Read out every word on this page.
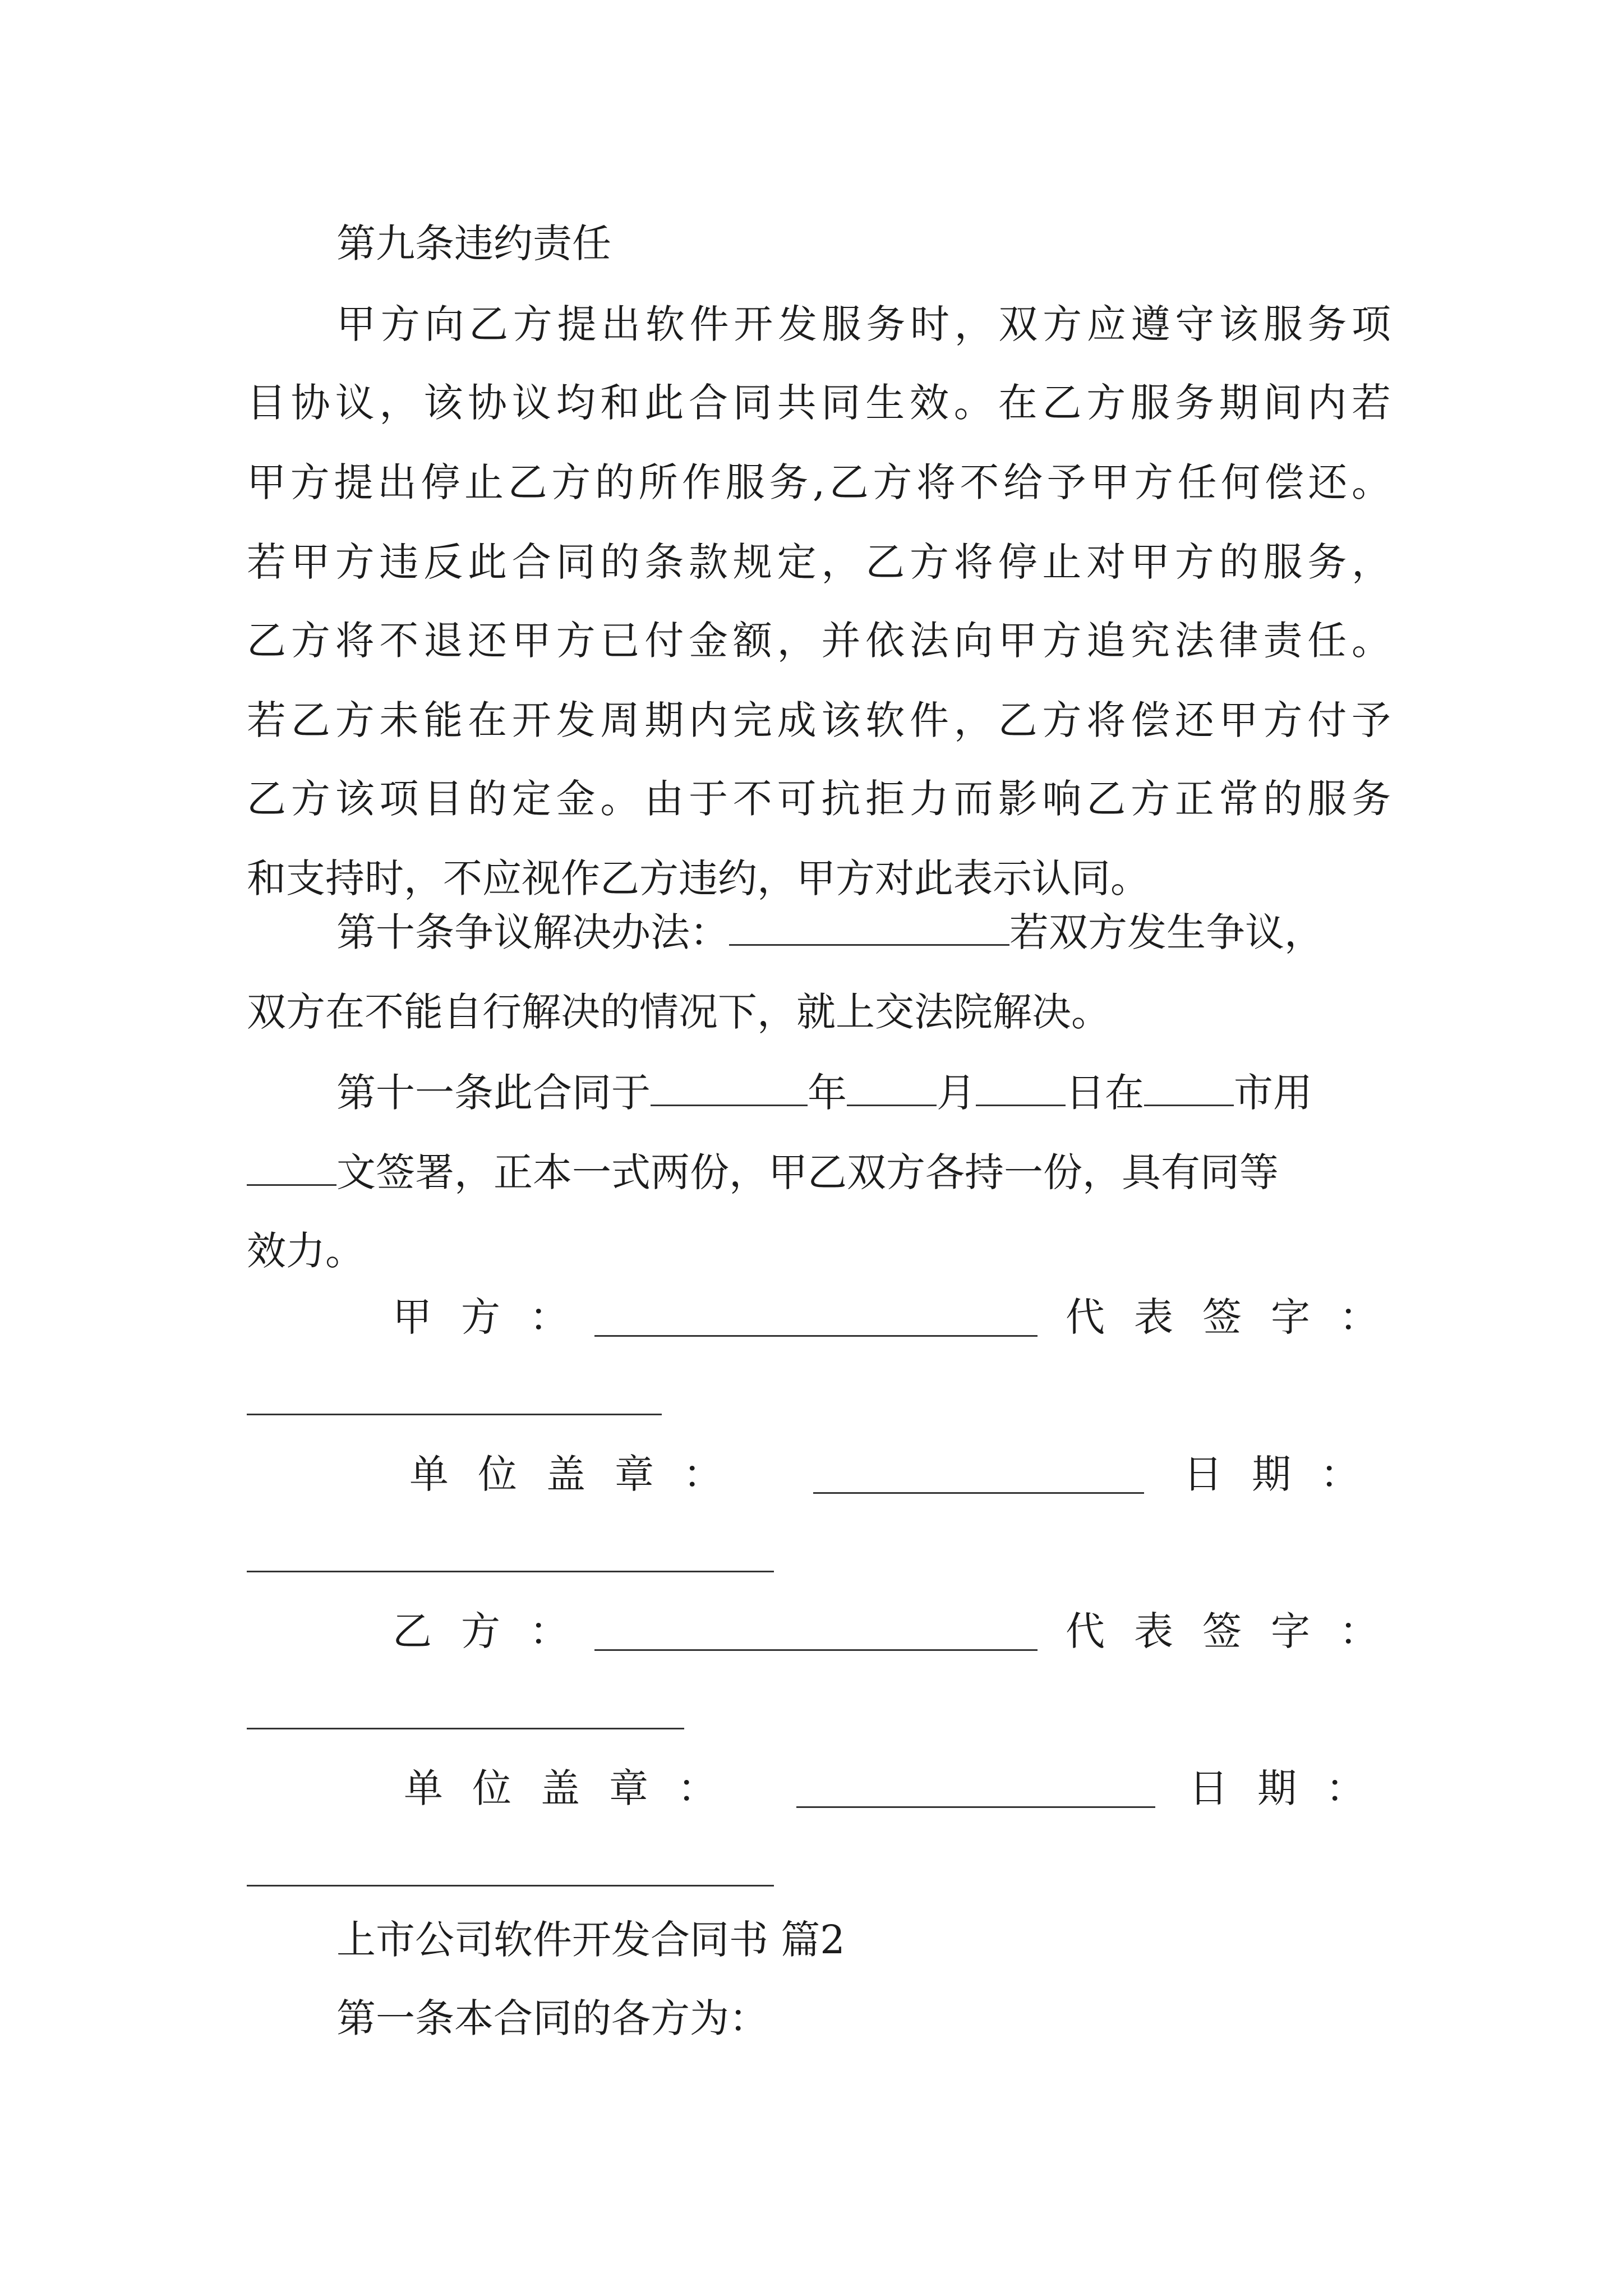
第九条违约责任
甲方向乙方提出软件开发服务时，双方应遵守该服务项
目协议，该协议均和此合同共同生效。在乙方服务期间内若
甲方提出停止乙方的所作服务,乙方将不给予甲方任何偿还。
若甲方违反此合同的条款规定，乙方将停止对甲方的服务，
乙方将不退还甲方已付金额，并依法向甲方追究法律责任。
若乙方未能在开发周期内完成该软件，乙方将偿还甲方付予
乙方该项目的定金。由于不可抗拒力而影响乙方正常的服务
和支持时，不应视作乙方违约，甲方对此表示认同。
第十条争议解决办法：	若双方发生争议，
双方在不能自行解决的情况下，就上交法院解决。
第十一条此合同于	年 月 日在 市用
文签署，正本一式两份，甲乙双方各持一份，具有同等
效力。
甲方：	代表签字：
单位盖章：	日期：
乙方：	代表签字：
单位盖章：	日期：
上市公司软件开发合同书 篇2
第一条本合同的各方为：
